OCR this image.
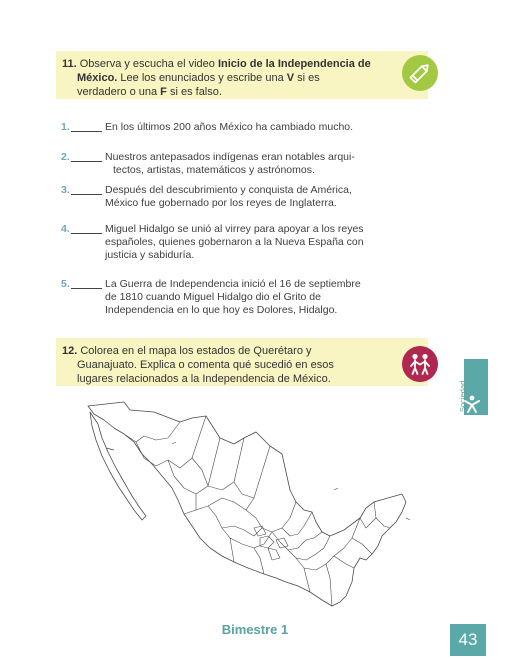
11. Observa y escucha el video Inicio de la Independencia de
México. Lee los enunciados y escribe una V si es
verdadero o una F si es falso.
1.	En los últimos 200 años México ha cambiado mucho.
2.	Nuestros antepasados indígenas eran notables arqui-
tectos, artistas, matemáticos y astrónomos.
3.	Después del descubrimiento y conquista de América,
México fue gobernado por los reyes de Inglaterra.
4.	Miguel Hidalgo se unió al virrey para apoyar a los reyes
españoles, quienes gobernaron a la Nueva España con
justicia y sabiduría.
5.	La Guerra de Independencia inició el 16 de septiembre
de 1810 cuando Miguel Hidalgo dio el Grito de
Independencia en lo que hoy es Dolores, Hidalgo.
12. Colorea en el mapa los estados de Querétaro y
Guanajuato. Explica o comenta qué sucedió en esos
lugares relacionados a la Independencia de México.
Sociedad
Bimestre 1
43
